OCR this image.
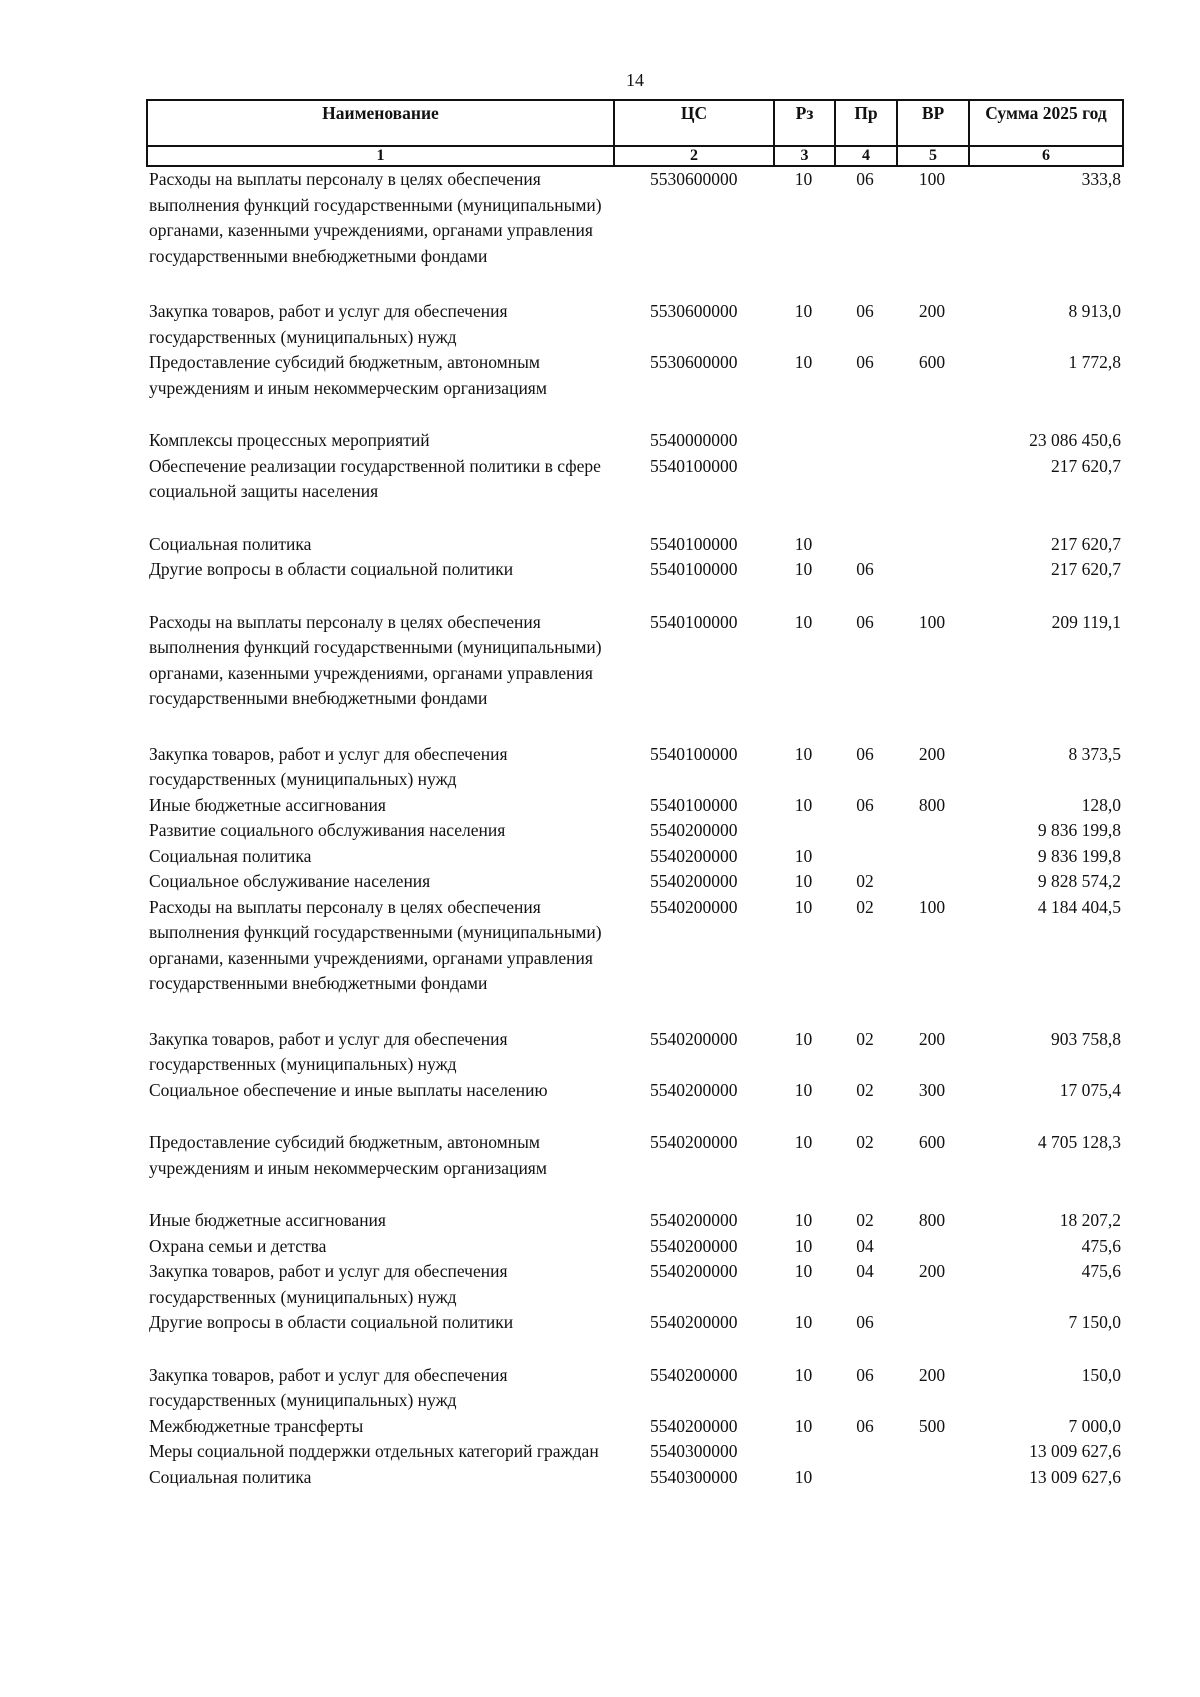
14
Наименование	ЦС	Рз	Пр	ВР	Сумма 2025 год
1	2	3	4	5	6
Расходы на выплаты персоналу в целях обеспечения выполнения функций государственными (муниципальными) органами, казенными учреждениями, органами управления государственными внебюджетными фондами	5530600000	10	06	100	333,8
Закупка товаров, работ и услуг для обеспечения государственных (муниципальных) нужд	5530600000	10	06	200	8 913,0
Предоставление субсидий бюджетным, автономным учреждениям и иным некоммерческим организациям	5530600000	10	06	600	1 772,8
Комплексы процессных мероприятий	5540000000				23 086 450,6
Обеспечение реализации государственной политики в сфере социальной защиты населения	5540100000				217 620,7
Социальная политика	5540100000	10			217 620,7
Другие вопросы в области социальной политики	5540100000	10	06		217 620,7
Расходы на выплаты персоналу в целях обеспечения выполнения функций государственными (муниципальными) органами, казенными учреждениями, органами управления государственными внебюджетными фондами	5540100000	10	06	100	209 119,1
Закупка товаров, работ и услуг для обеспечения государственных (муниципальных) нужд	5540100000	10	06	200	8 373,5
Иные бюджетные ассигнования	5540100000	10	06	800	128,0
Развитие социального обслуживания населения	5540200000				9 836 199,8
Социальная политика	5540200000	10			9 836 199,8
Социальное обслуживание населения	5540200000	10	02		9 828 574,2
Расходы на выплаты персоналу в целях обеспечения выполнения функций государственными (муниципальными) органами, казенными учреждениями, органами управления государственными внебюджетными фондами	5540200000	10	02	100	4 184 404,5
Закупка товаров, работ и услуг для обеспечения государственных (муниципальных) нужд	5540200000	10	02	200	903 758,8
Социальное обеспечение и иные выплаты населению	5540200000	10	02	300	17 075,4
Предоставление субсидий бюджетным, автономным учреждениям и иным некоммерческим организациям	5540200000	10	02	600	4 705 128,3
Иные бюджетные ассигнования	5540200000	10	02	800	18 207,2
Охрана семьи и детства	5540200000	10	04		475,6
Закупка товаров, работ и услуг для обеспечения государственных (муниципальных) нужд	5540200000	10	04	200	475,6
Другие вопросы в области социальной политики	5540200000	10	06		7 150,0
Закупка товаров, работ и услуг для обеспечения государственных (муниципальных) нужд	5540200000	10	06	200	150,0
Межбюджетные трансферты	5540200000	10	06	500	7 000,0
Меры социальной поддержки отдельных категорий граждан	5540300000				13 009 627,6
Социальная политика	5540300000	10			13 009 627,6
